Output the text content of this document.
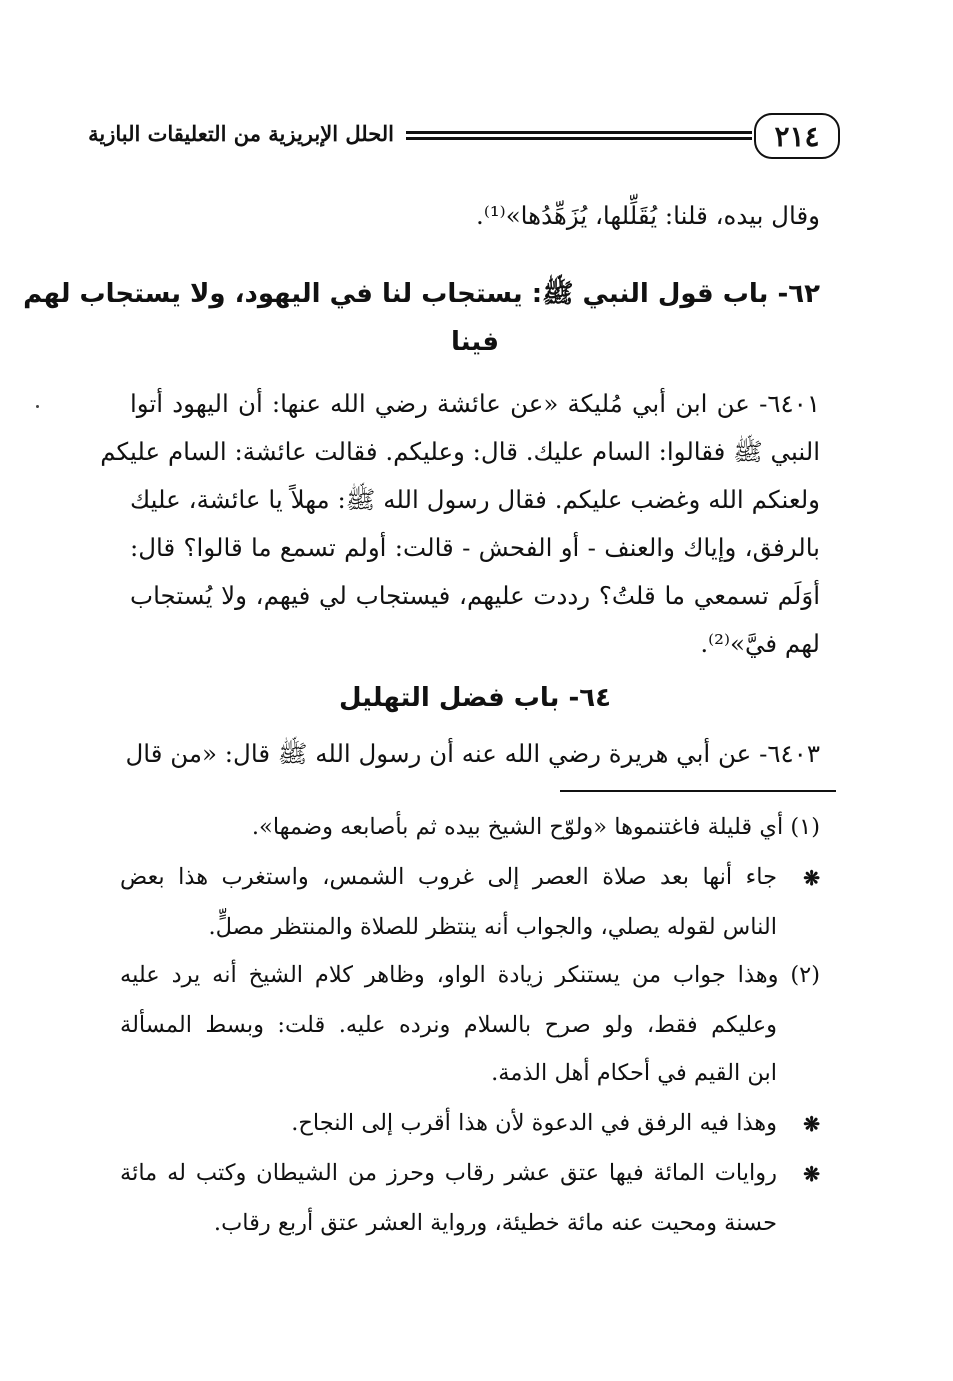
٢١٤
الحلل الإبريزية من التعليقات البازية
وقال بيده، قلنا: يُقَلِّلها، يُزَهِّدُها»⁽¹⁾.
٦٢- باب قول النبي ﷺ: يستجاب لنا في اليهود، ولا يستجاب لهم
فينا
٦٤٠١- عن ابن أبي مُليكة «عن عائشة رضي الله عنها: أن اليهود أتوا
النبي ﷺ فقالوا: السام عليك. قال: وعليكم. فقالت عائشة: السام عليكم
ولعنكم الله وغضب عليكم. فقال رسول الله ﷺ: مهلاً يا عائشة، عليك
بالرفق، وإياك والعنف - أو الفحش - قالت: أولم تسمع ما قالوا؟ قال:
أوَلَم تسمعي ما قلتُ؟ رددت عليهم، فيستجاب لي فيهم، ولا يُستجاب
لهم فيَّ»⁽²⁾.
٦٤- باب فضل التهليل
٦٤٠٣- عن أبي هريرة رضي الله عنه أن رسول الله ﷺ قال: «من قال
(١) أي قليلة فاغتنموها «ولوّح الشيخ بيده ثم بأصابعه وضمها».
❋
جاء أنها بعد صلاة العصر إلى غروب الشمس، واستغرب هذا بعض
الناس لقوله يصلي، والجواب أنه ينتظر للصلاة والمنتظر مصلٍّ.
(٢) وهذا جواب من يستنكر زيادة الواو، وظاهر كلام الشيخ أنه يرد عليه
وعليكم فقط، ولو صرح بالسلام ونرده عليه. قلت: وبسط المسألة
ابن القيم في أحكام أهل الذمة.
❋
وهذا فيه الرفق في الدعوة لأن هذا أقرب إلى النجاح.
❋
روايات المائة فيها عتق عشر رقاب وحرز من الشيطان وكتب له مائة
حسنة ومحيت عنه مائة خطيئة، ورواية العشر عتق أربع رقاب.
